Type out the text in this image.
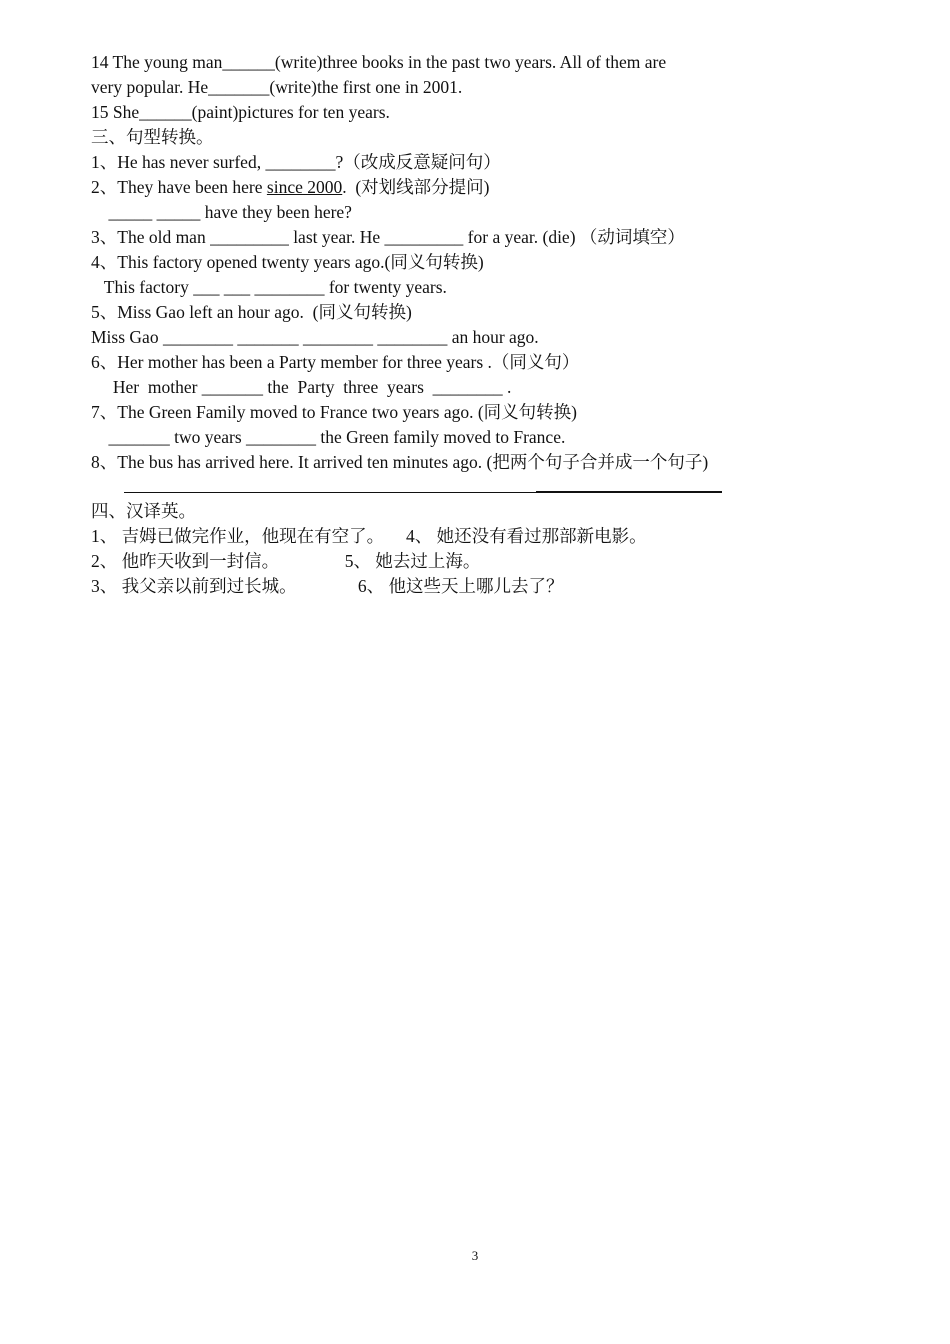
14 The young man______(write)three books in the past two years. All of them are
very popular. He_______(write)the first one in 2001.
15 She______(paint)pictures for ten years.
三、句型转换。
1、He has never surfed, ________?（改成反意疑问句）
2、They have been here since 2000.  (对划线部分提问)
_____ _____ have they been here?
3、The old man _________ last year. He _________ for a year. (die) （动词填空）
4、This factory opened twenty years ago.(同义句转换)
This factory ___ ___ ________ for twenty years.
5、Miss Gao left an hour ago.  (同义句转换)
Miss Gao ________ _______ ________ ________ an hour ago.
6、Her mother has been a Party member for three years .（同义句）
Her  mother _______ the  Party  three  years  ________ .
7、The Green Family moved to France two years ago. (同义句转换)
_______ two years ________ the Green family moved to France.
8、The bus has arrived here. It arrived ten minutes ago. (把两个句子合并成一个句子)
四、汉译英。
1、 吉姆已做完作业，他现在有空了。     4、 她还没有看过那部新电影。
2、 他昨天收到一封信。               5、 她去过上海。
3、 我父亲以前到过长城。              6、 他这些天上哪儿去了？
3
